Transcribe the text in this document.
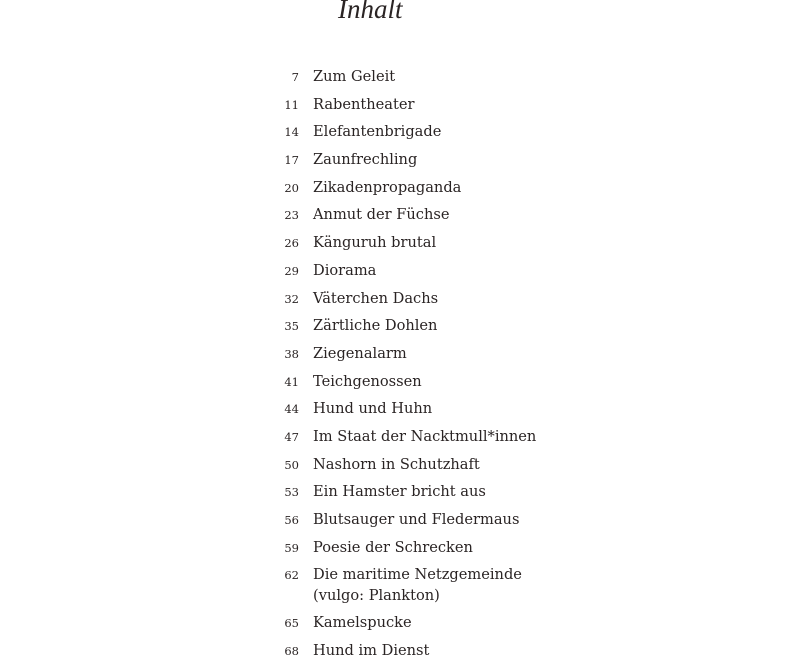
Inhalt
7 Zum Geleit
11 Rabentheater
14 Elefantenbrigade
17 Zaunfrechling
20 Zikadenpropaganda
23 Anmut der Füchse
26 Känguruh brutal
29 Diorama
32 Väterchen Dachs
35 Zärtliche Dohlen
38 Ziegenalarm
41 Teichgenossen
44 Hund und Huhn
47 Im Staat der Nacktmull*innen
50 Nashorn in Schutzhaft
53 Ein Hamster bricht aus
56 Blutsauger und Fledermaus
59 Poesie der Schrecken
62 Die maritime Netzgemeinde
(vulgo: Plankton)
65 Kamelspucke
68 Hund im Dienst
